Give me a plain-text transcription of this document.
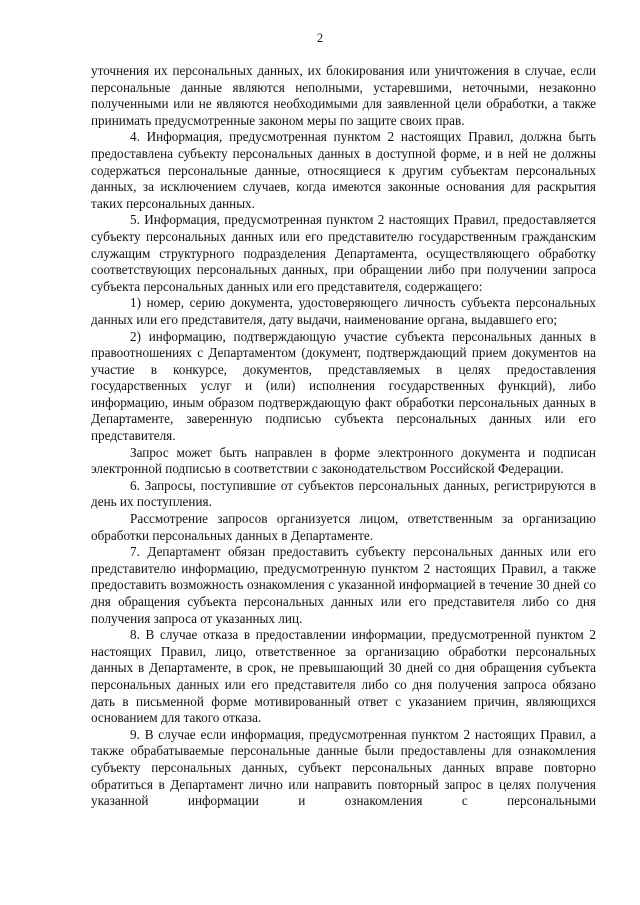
2

уточнения их персональных данных, их блокирования или уничтожения в случае, если персональные данные являются неполными, устаревшими, неточными, незаконно полученными или не являются необходимыми для заявленной цели обработки, а также принимать предусмотренные законом меры по защите своих прав.

4. Информация, предусмотренная пунктом 2 настоящих Правил, должна быть предоставлена субъекту персональных данных в доступной форме, и в ней не должны содержаться персональные данные, относящиеся к другим субъектам персональных данных, за исключением случаев, когда имеются законные основания для раскрытия таких персональных данных.

5. Информация, предусмотренная пунктом 2 настоящих Правил, предоставляется субъекту персональных данных или его представителю государственным гражданским служащим структурного подразделения Департамента, осуществляющего обработку соответствующих персональных данных, при обращении либо при получении запроса субъекта персональных данных или его представителя, содержащего:

1) номер, серию документа, удостоверяющего личность субъекта персональных данных или его представителя, дату выдачи, наименование органа, выдавшего его;

2) информацию, подтверждающую участие субъекта персональных данных в правоотношениях с Департаментом (документ, подтверждающий прием документов на участие в конкурсе, документов, представляемых в целях предоставления государственных услуг и (или) исполнения государственных функций), либо информацию, иным образом подтверждающую факт обработки персональных данных в Департаменте, заверенную подписью субъекта персональных данных или его представителя.

Запрос может быть направлен в форме электронного документа и подписан электронной подписью в соответствии с законодательством Российской Федерации.

6. Запросы, поступившие от субъектов персональных данных, регистрируются в день их поступления.

Рассмотрение запросов организуется лицом, ответственным за организацию обработки персональных данных в Департаменте.

7. Департамент обязан предоставить субъекту персональных данных или его представителю информацию, предусмотренную пунктом 2 настоящих Правил, а также предоставить возможность ознакомления с указанной информацией в течение 30 дней со дня обращения субъекта персональных данных или его представителя либо со дня получения запроса от указанных лиц.

8. В случае отказа в предоставлении информации, предусмотренной пунктом 2 настоящих Правил, лицо, ответственное за организацию обработки персональных данных в Департаменте, в срок, не превышающий 30 дней со дня обращения субъекта персональных данных или его представителя либо со дня получения запроса обязано дать в письменной форме мотивированный ответ с указанием причин, являющихся основанием для такого отказа.

9. В случае если информация, предусмотренная пунктом 2 настоящих Правил, а также обрабатываемые персональные данные были предоставлены для ознакомления субъекту персональных данных, субъект персональных данных вправе повторно обратиться в Департамент лично или направить повторный запрос в целях получения указанной информации и ознакомления с персональными
